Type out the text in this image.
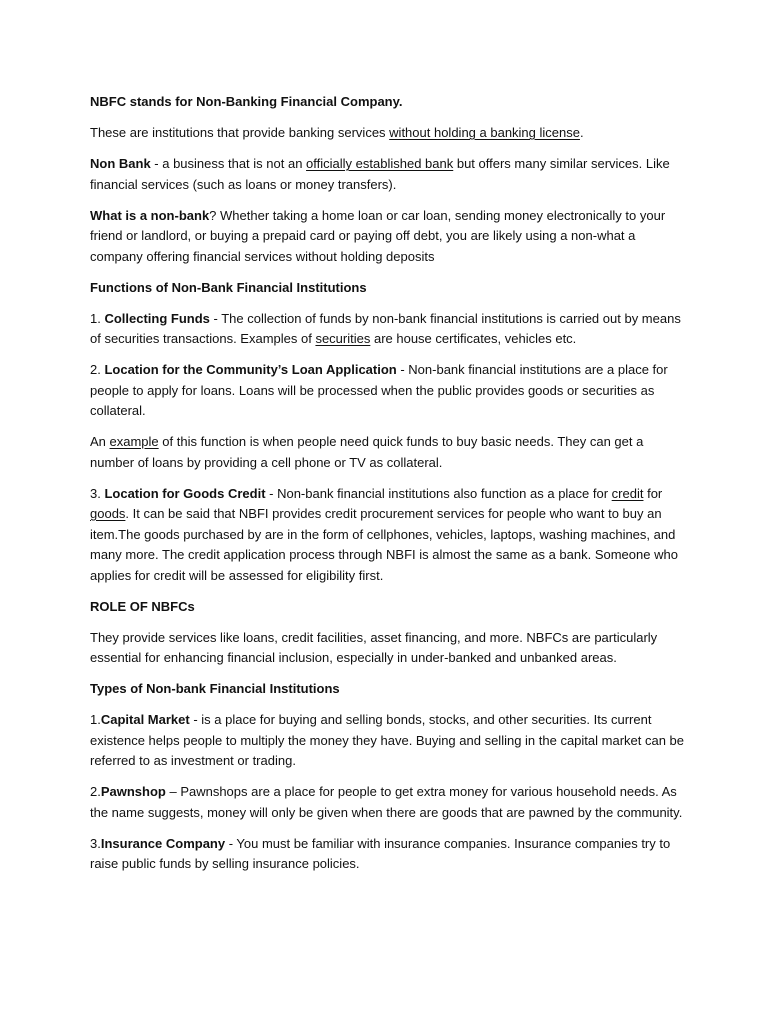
NBFC stands for Non-Banking Financial Company.

These are institutions that provide banking services without holding a banking license.

Non Bank - a business that is not an officially established bank but offers many similar services. Like financial services (such as loans or money transfers).

What is a non-bank? Whether taking a home loan or car loan, sending money electronically to your friend or landlord, or buying a prepaid card or paying off debt, you are likely using a non-what a company offering financial services without holding deposits

Functions of Non-Bank Financial Institutions

1. Collecting Funds - The collection of funds by non-bank financial institutions is carried out by means of securities transactions. Examples of securities are house certificates, vehicles etc.

2. Location for the Community’s Loan Application - Non-bank financial institutions are a place for people to apply for loans. Loans will be processed when the public provides goods or securities as collateral.

An example of this function is when people need quick funds to buy basic needs. They can get a number of loans by providing a cell phone or TV as collateral.

3. Location for Goods Credit - Non-bank financial institutions also function as a place for credit for goods. It can be said that NBFI provides credit procurement services for people who want to buy an item.The goods purchased by are in the form of cellphones, vehicles, laptops, washing machines, and many more. The credit application process through NBFI is almost the same as a bank. Someone who applies for credit will be assessed for eligibility first.

ROLE OF NBFCs

They provide services like loans, credit facilities, asset financing, and more. NBFCs are particularly essential for enhancing financial inclusion, especially in under-banked and unbanked areas.

Types of Non-bank Financial Institutions

1.Capital Market - is a place for buying and selling bonds, stocks, and other securities. Its current existence helps people to multiply the money they have. Buying and selling in the capital market can be referred to as investment or trading.

2.Pawnshop – Pawnshops are a place for people to get extra money for various household needs. As the name suggests, money will only be given when there are goods that are pawned by the community.

3.Insurance Company - You must be familiar with insurance companies. Insurance companies try to raise public funds by selling insurance policies.
